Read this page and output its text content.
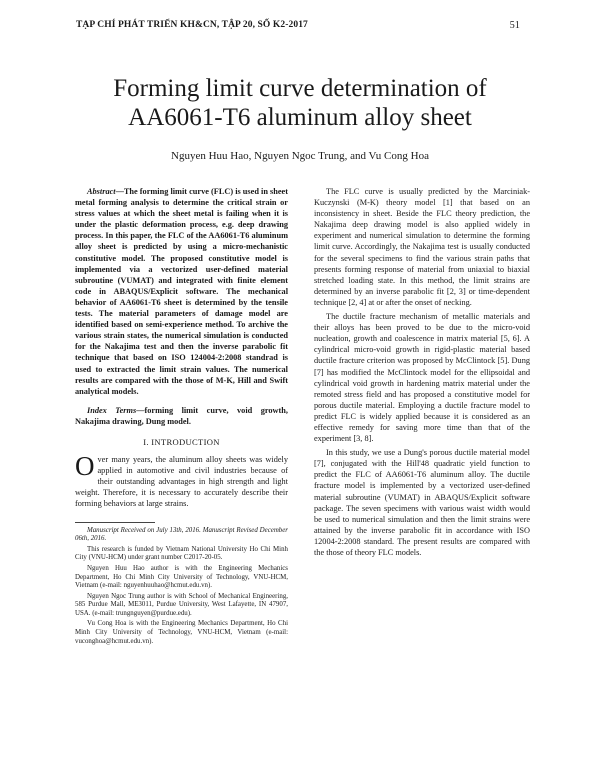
TẠP CHÍ PHÁT TRIỂN KH&CN, TẬP 20, SỐ K2-2017	51
Forming limit curve determination of
AA6061-T6 aluminum alloy sheet
Nguyen Huu Hao, Nguyen Ngoc Trung, and Vu Cong Hoa

Abstract—The forming limit curve (FLC) is used in sheet metal forming analysis to determine the critical strain or stress values at which the sheet metal is failing when it is under the plastic deformation process, e.g. deep drawing process. In this paper, the FLC of the AA6061-T6 aluminum alloy sheet is predicted by using a micro-mechanistic constitutive model. The proposed constitutive model is implemented via a vectorized user-defined material subroutine (VUMAT) and integrated with finite element code in ABAQUS/Explicit software. The mechanical behavior of AA6061-T6 sheet is determined by the tensile tests. The material parameters of damage model are identified based on semi-experience method. To archive the various strain states, the numerical simulation is conducted for the Nakajima test and then the inverse parabolic fit technique that based on ISO 124004-2:2008 standrad is used to extracted the limit strain values. The numerical results are compared with the those of M-K, Hill and Swift analytical models.

Index Terms—forming limit curve, void growth, Nakajima drawing, Dung model.

I. INTRODUCTION

Over many years, the aluminum alloy sheets was widely applied in automotive and civil industries because of their outstanding advantages in high strength and light weight. Therefore, it is necessary to accurately describe their forming behaviors at large strains.

Manuscript Received on July 13th, 2016. Manuscript Revised December 06th, 2016.

This research is funded by Vietnam National University Ho Chi Minh City (VNU-HCM) under grant number C2017-20-05.

Nguyen Huu Hao author is with the Engineering Mechanics Department, Ho Chi Minh City University of Technology, VNU-HCM, Vietnam (e-mail: nguyenhuuhao@hcmut.edu.vn).

Nguyen Ngoc Trung author is with School of Mechanical Engineering, 585 Purdue Mall, ME3011, Purdue University, West Lafayette, IN 47907, USA. (e-mail: trungnguyen@purdue.edu).

Vu Cong Hoa is with the Engineering Mechanics Department, Ho Chi Minh City University of Technology, VNU-HCM, Vietnam (e-mail: vuconghoa@hcmut.edu.vn).

The FLC curve is usually predicted by the Marciniak-Kuczynski (M-K) theory model [1] that based on an inconsistency in sheet. Beside the FLC theory prediction, the Nakajima deep drawing model is also applied widely in experiment and numerical simulation to determine the forming limit curve. Accordingly, the Nakajima test is usually conducted for the several specimens to find the various strain paths that presents forming response of material from uniaxial to biaxial stretched loading state. In this method, the limit strains are determined by an inverse parabolic fit [2, 3] or time-dependent technique [2, 4] at or after the onset of necking.

The ductile fracture mechanism of metallic materials and their alloys has been proved to be due to the micro-void nucleation, growth and coalescence in matrix material [5, 6]. A cylindrical micro-void growth in rigid-plastic material based ductile fracture criterion was proposed by McClintock [5]. Dung [7] has modified the McClintock model for the ellipsoidal and cylindrical void growth in hardening matrix material under the remoted stress field and has proposed a constitutive model for porous ductile material. Employing a ductile fracture model to predict FLC is widely applied because it is considered as an effective remedy for saving more time than that of the experiment [3, 8].

In this study, we use a Dung's porous ductile material model [7], conjugated with the Hill'48 quadratic yield function to predict the FLC of AA6061-T6 aluminum alloy. The ductile fracture model is implemented by a vectorized user-defined material subroutine (VUMAT) in ABAQUS/Explicit software package. The seven specimens with various waist width would be used to numerical simulation and then the limit strains were attained by the inverse parabolic fit in accordance with ISO 12004-2:2008 standard. The present results are compared with the those of theory FLC models.
